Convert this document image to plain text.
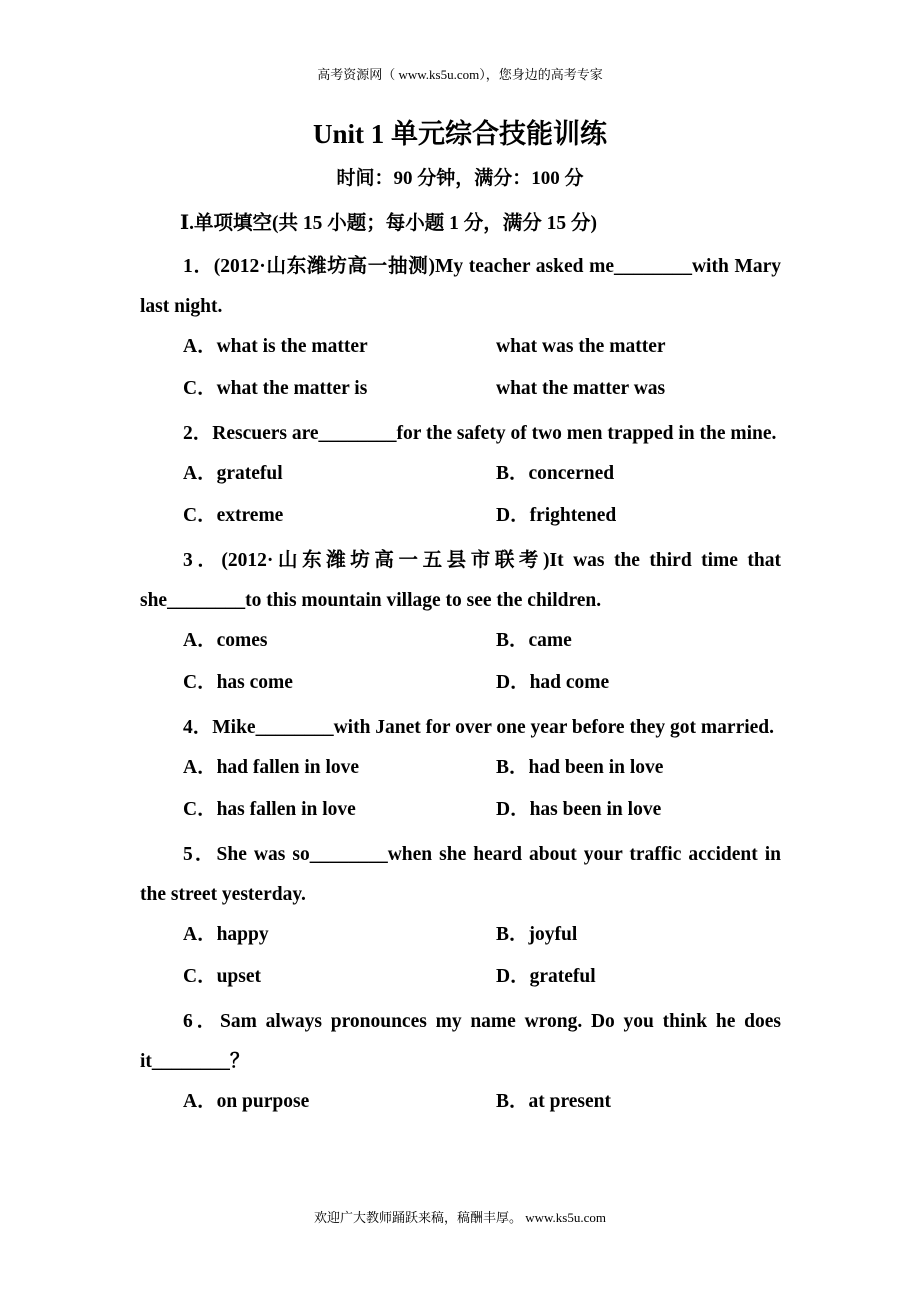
高考资源网（ www.ks5u.com），您身边的高考专家
Unit 1 单元综合技能训练
时间：90 分钟，满分：100 分
Ⅰ.单项填空(共 15 小题；每小题 1 分，满分 15 分)
1．(2012·山东潍坊高一抽测)My teacher asked me________with Mary last night.
A．what is the matter	what was the matter
C．what the matter is	what the matter was
2．Rescuers are________for the safety of two men trapped in the mine.
A．grateful	B．concerned
C．extreme	D．frightened
3．(2012·山东潍坊高一五县市联考)It was the third time that she________to this mountain village to see the children.
A．comes	B．came
C．has come	D．had come
4．Mike________with Janet for over one year before they got married.
A．had fallen in love	B．had been in love
C．has fallen in love	D．has been in love
5．She was so________when she heard about your traffic accident in the street yesterday.
A．happy	B．joyful
C．upset	D．grateful
6．Sam always pronounces my name wrong. Do you think he does it________？
A．on purpose	B．at present
欢迎广大教师踊跃来稿，稿酬丰厚。 www.ks5u.com
